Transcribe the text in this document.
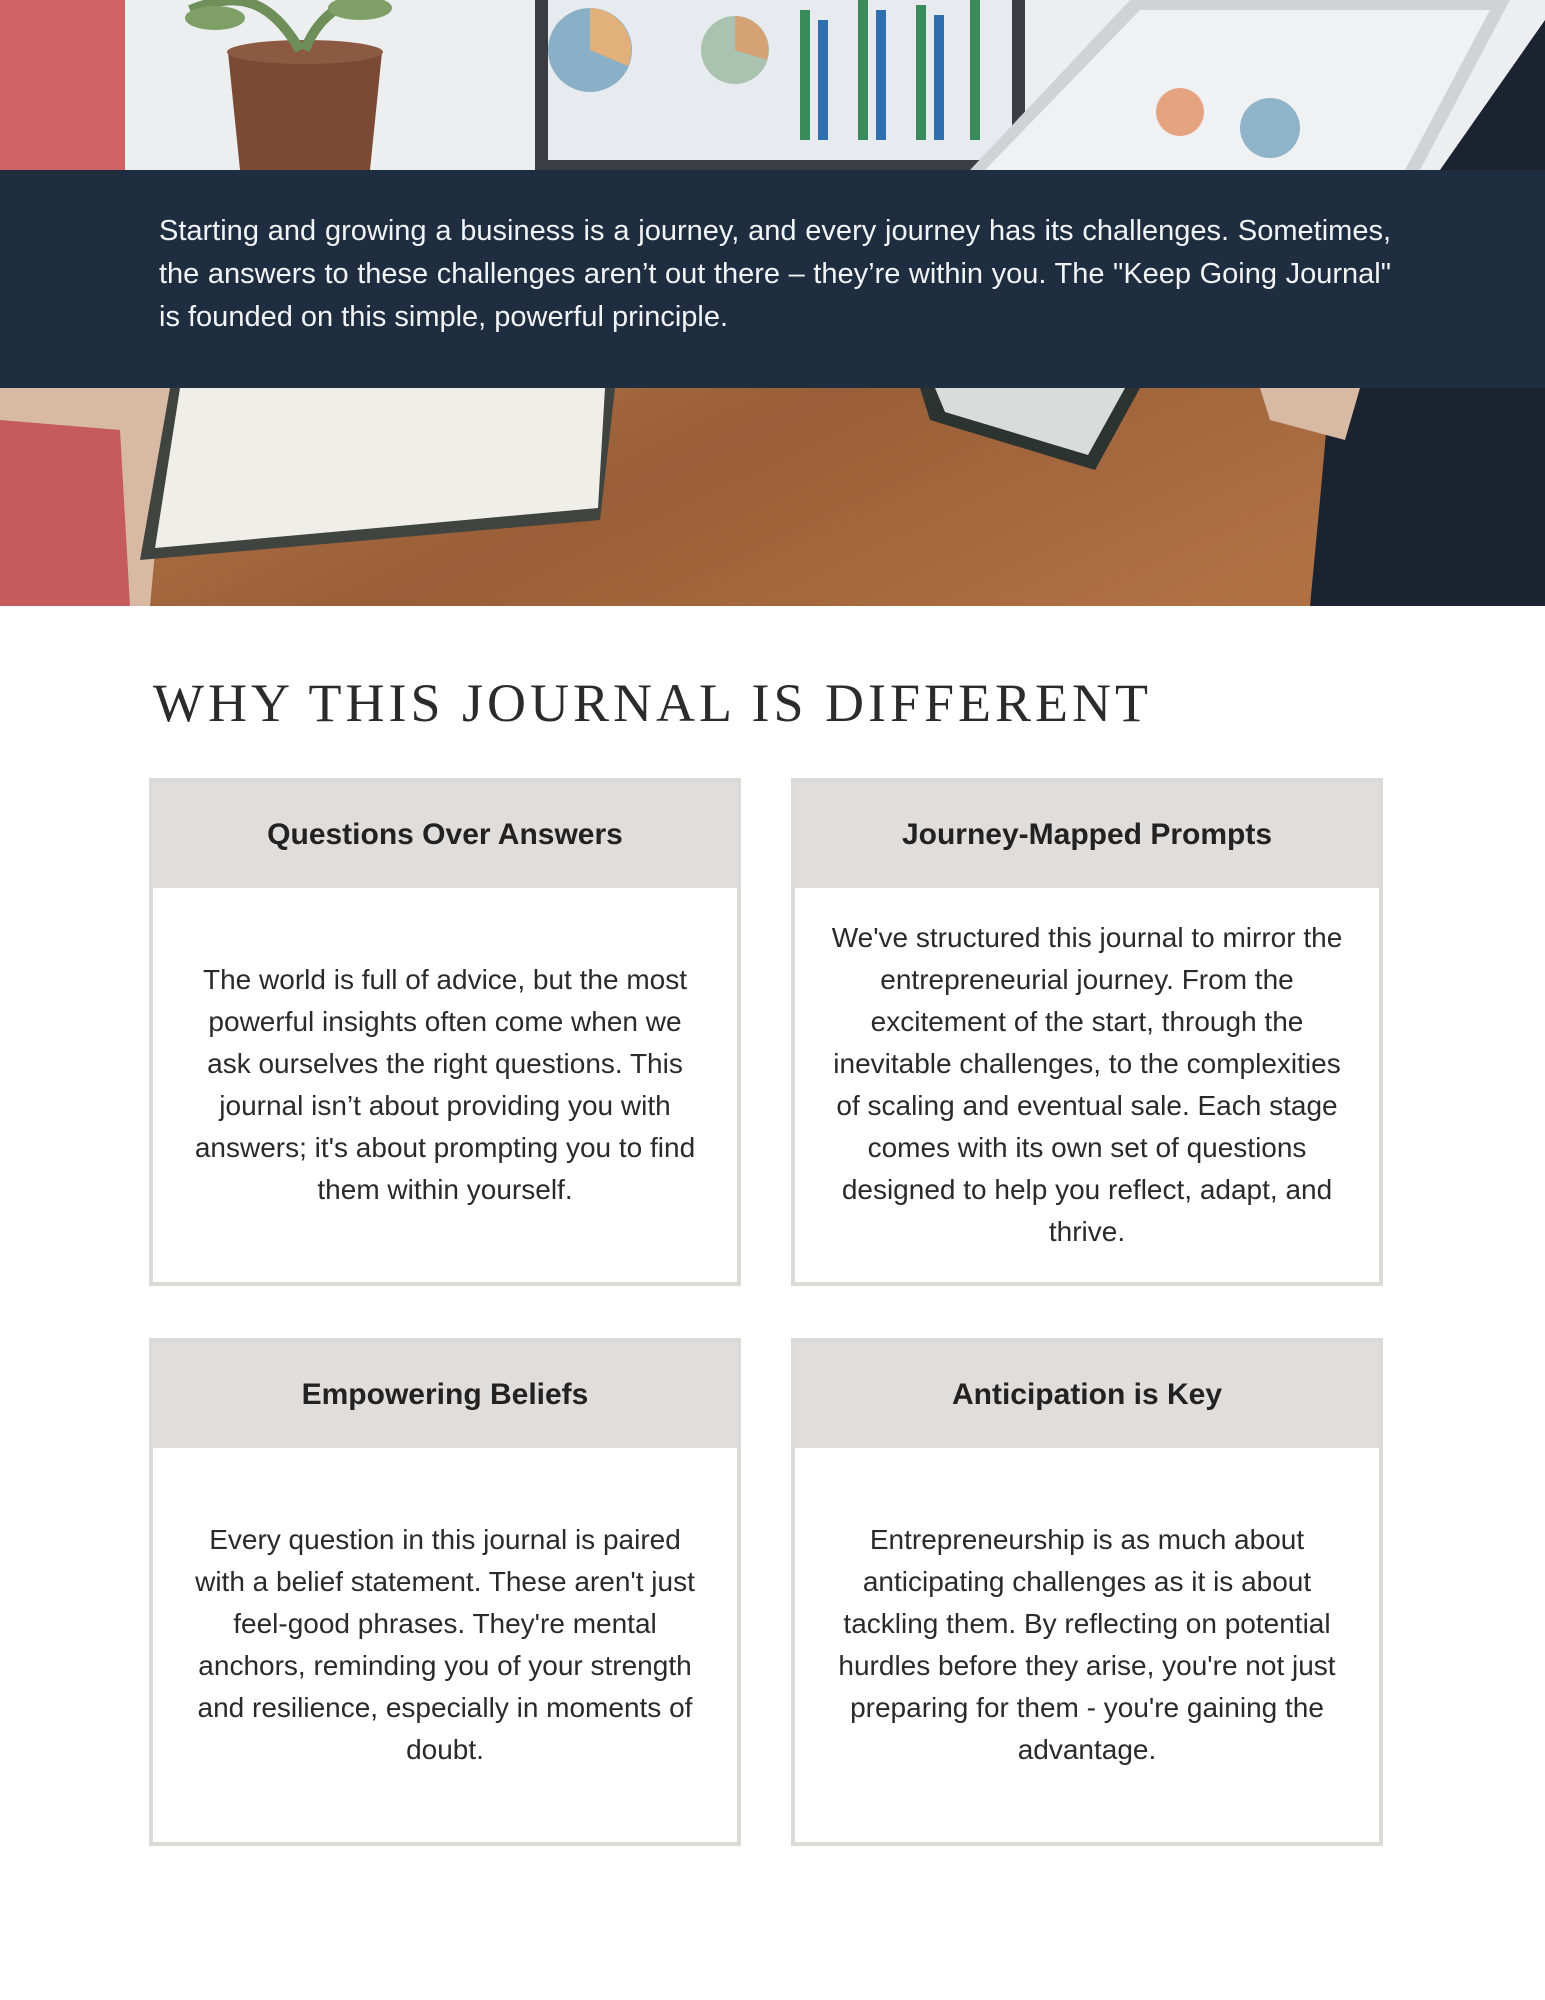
Starting and growing a business is a journey, and every journey has its challenges. Sometimes, the answers to these challenges aren’t out there – they’re within you. The "Keep Going Journal" is founded on this simple, powerful principle.

WHY THIS JOURNAL IS DIFFERENT
Questions Over Answers

The world is full of advice, but the most powerful insights often come when we ask ourselves the right questions. This journal isn’t about providing you with answers; it's about prompting you to find them within yourself.

Journey-Mapped Prompts

We've structured this journal to mirror the entrepreneurial journey. From the excitement of the start, through the inevitable challenges, to the complexities of scaling and eventual sale. Each stage comes with its own set of questions designed to help you reflect, adapt, and thrive.

Empowering Beliefs

Every question in this journal is paired with a belief statement. These aren't just feel-good phrases. They're mental anchors, reminding you of your strength and resilience, especially in moments of doubt.

Anticipation is Key

Entrepreneurship is as much about anticipating challenges as it is about tackling them. By reflecting on potential hurdles before they arise, you're not just preparing for them - you're gaining the advantage.
